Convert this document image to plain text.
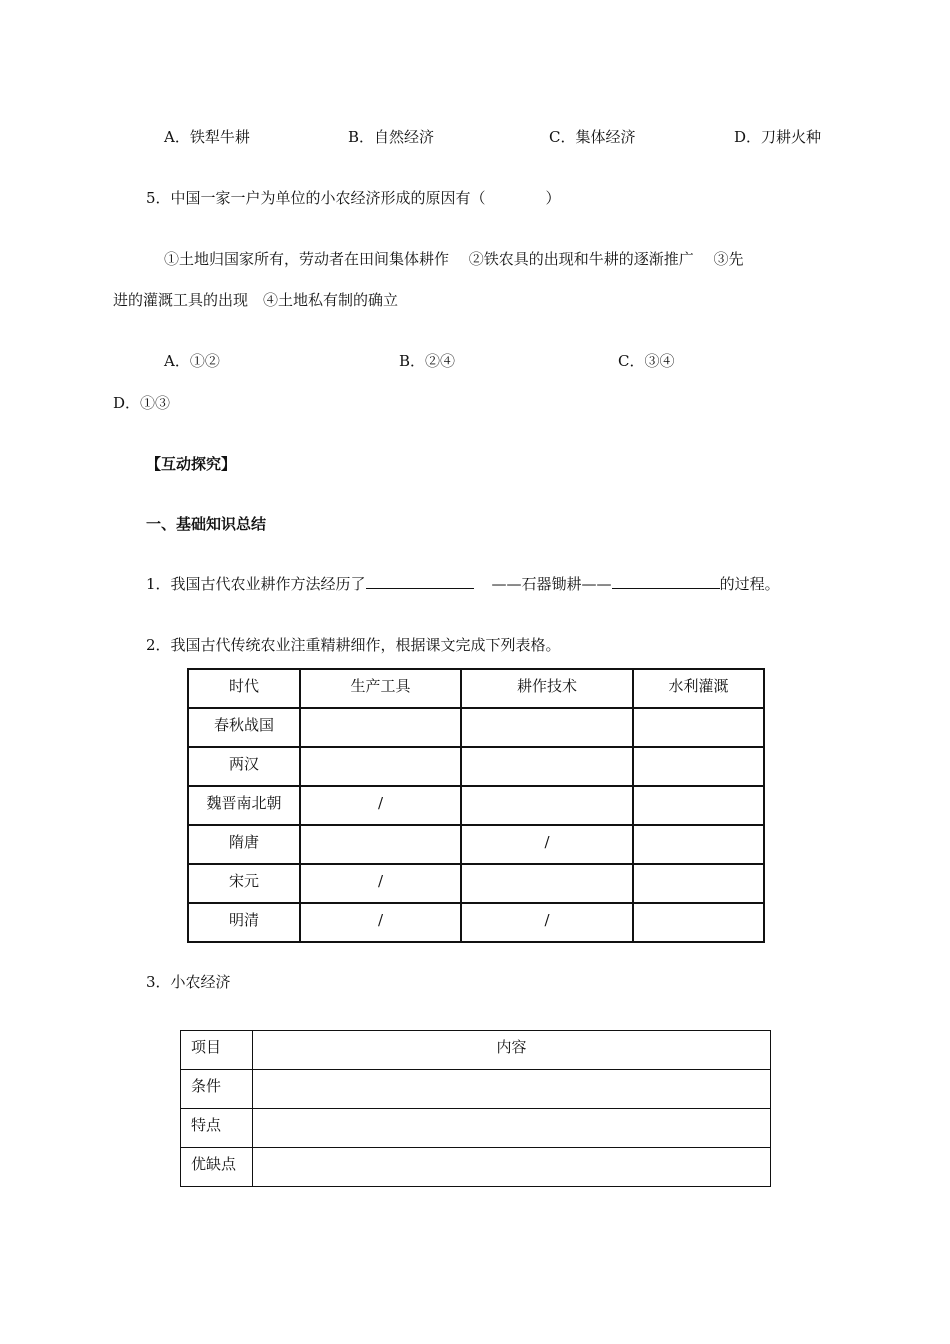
A．铁犁牛耕	B．自然经济	C．集体经济	D．刀耕火种
5．中国一家一户为单位的小农经济形成的原因有（　　　　）
①土地归国家所有，劳动者在田间集体耕作　 ②铁农具的出现和牛耕的逐渐推广　 ③先
进的灌溉工具的出现　④土地私有制的确立
A．①②	B．②④	C．③④
D．①③
【互动探究】
一、基础知识总结
1．我国古代农业耕作方法经历了	——石器锄耕——	的过程。
2．我国古代传统农业注重精耕细作，根据课文完成下列表格。
时代	生产工具	耕作技术	水利灌溉
春秋战国			
两汉			
魏晋南北朝	/		
隋唐		/	
宋元	/		
明清	/	/	
3．小农经济
项目	内容
条件	
特点	
优缺点	
